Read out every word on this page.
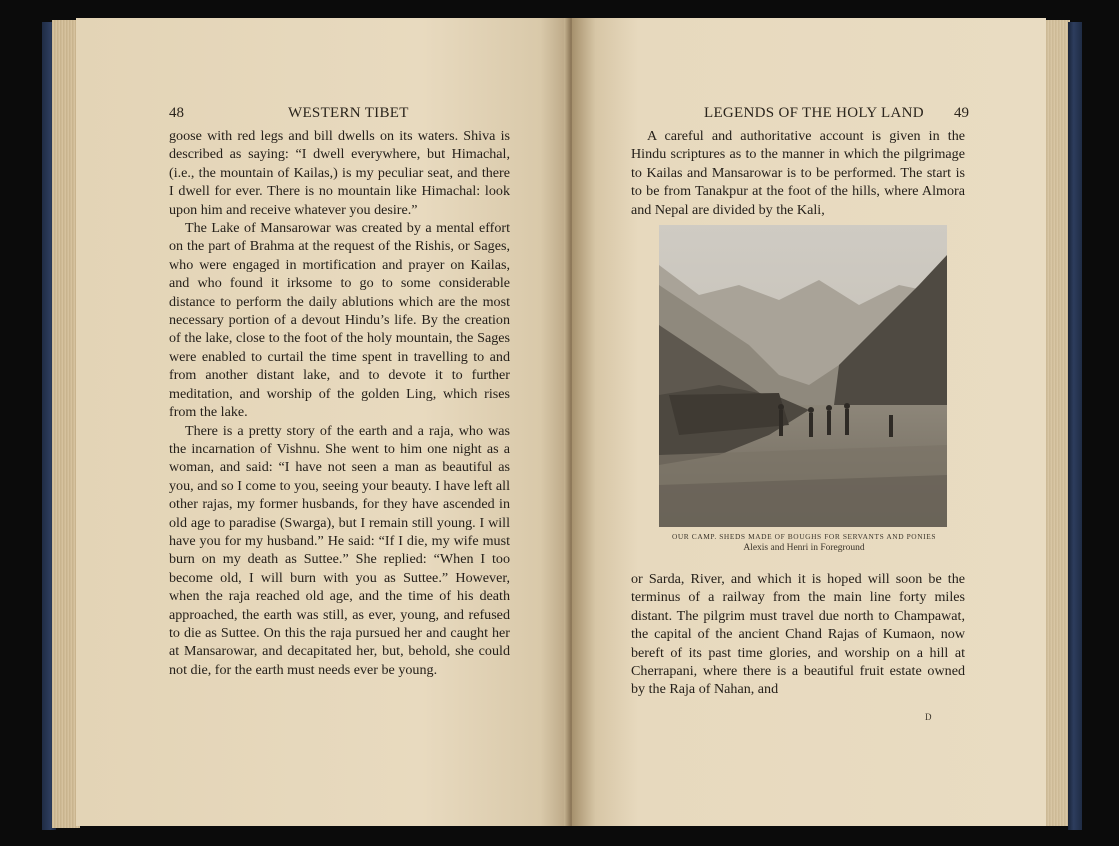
48	WESTERN TIBET

goose with red legs and bill dwells on its waters. Shiva is described as saying: “I dwell everywhere, but Himachal, (i.e., the mountain of Kailas,) is my peculiar seat, and there I dwell for ever. There is no mountain like Himachal: look upon him and receive whatever you desire.”

The Lake of Mansarowar was created by a mental effort on the part of Brahma at the request of the Rishis, or Sages, who were engaged in mortification and prayer on Kailas, and who found it irksome to go to some considerable distance to perform the daily ablutions which are the most necessary portion of a devout Hindu’s life. By the creation of the lake, close to the foot of the holy mountain, the Sages were enabled to curtail the time spent in travelling to and from another distant lake, and to devote it to further meditation, and worship of the golden Ling, which rises from the lake.

There is a pretty story of the earth and a raja, who was the incarnation of Vishnu. She went to him one night as a woman, and said: “I have not seen a man as beautiful as you, and so I come to you, seeing your beauty. I have left all other rajas, my former husbands, for they have ascended in old age to paradise (Swarga), but I remain still young. I will have you for my husband.” He said: “If I die, my wife must burn on my death as Suttee.” She replied: “When I too become old, I will burn with you as Suttee.” However, when the raja reached old age, and the time of his death approached, the earth was still, as ever, young, and refused to die as Suttee. On this the raja pursued her and caught her at Mansarowar, and decapitated her, but, behold, she could not die, for the earth must needs ever be young.

LEGENDS OF THE HOLY LAND 49

A careful and authoritative account is given in the Hindu scriptures as to the manner in which the pilgrimage to Kailas and Mansarowar is to be performed. The start is to be from Tanakpur at the foot of the hills, where Almora and Nepal are divided by the Kali,

OUR CAMP. SHEDS MADE OF BOUGHS FOR SERVANTS AND PONIES
Alexis and Henri in Foreground

or Sarda, River, and which it is hoped will soon be the terminus of a railway from the main line forty miles distant. The pilgrim must travel due north to Champawat, the capital of the ancient Chand Rajas of Kumaon, now bereft of its past time glories, and worship on a hill at Cherrapani, where there is a beautiful fruit estate owned by the Raja of Nahan, and

D
